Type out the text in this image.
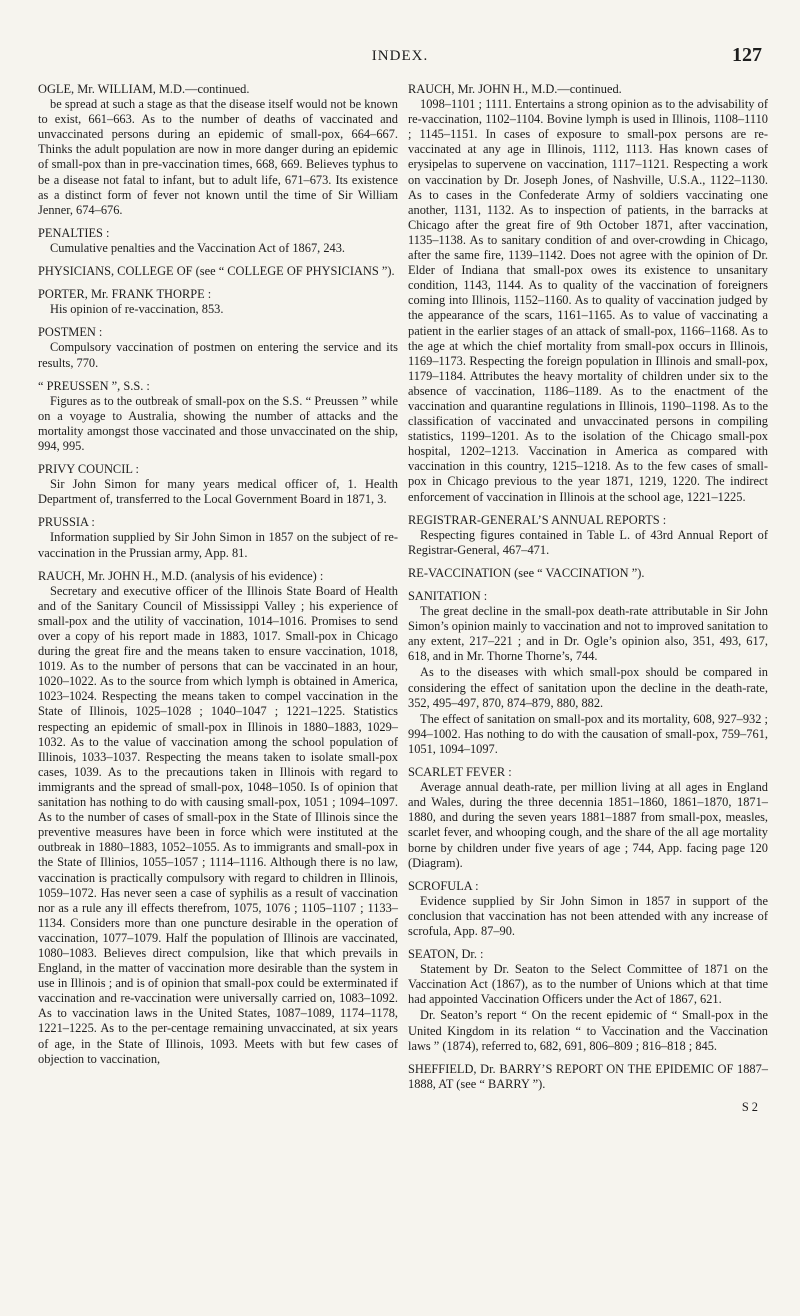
INDEX.	127

OGLE, Mr. WILLIAM, M.D.—continued.

be spread at such a stage as that the disease itself would not be known to exist, 661–663. As to the number of deaths of vaccinated and unvaccinated persons during an epidemic of small-pox, 664–667. Thinks the adult population are now in more danger during an epidemic of small-pox than in pre-vaccination times, 668, 669. Believes typhus to be a disease not fatal to infant, but to adult life, 671–673. Its existence as a distinct form of fever not known until the time of Sir William Jenner, 674–676.

PENALTIES :

Cumulative penalties and the Vaccination Act of 1867, 243.

PHYSICIANS, COLLEGE OF (see “ COLLEGE OF PHYSICIANS ”).

PORTER, Mr. FRANK THORPE :

His opinion of re-vaccination, 853.

POSTMEN :

Compulsory vaccination of postmen on entering the service and its results, 770.

“ PREUSSEN ”, S.S. :

Figures as to the outbreak of small-pox on the S.S. “ Preussen ” while on a voyage to Australia, showing the number of attacks and the mortality amongst those vaccinated and those unvaccinated on the ship, 994, 995.

PRIVY COUNCIL :

Sir John Simon for many years medical officer of, 1. Health Department of, transferred to the Local Government Board in 1871, 3.

PRUSSIA :

Information supplied by Sir John Simon in 1857 on the subject of re-vaccination in the Prussian army, App. 81.

RAUCH, Mr. JOHN H., M.D. (analysis of his evidence) :

Secretary and executive officer of the Illinois State Board of Health and of the Sanitary Council of Mississippi Valley ; his experience of small-pox and the utility of vaccination, 1014–1016. Promises to send over a copy of his report made in 1883, 1017. Small-pox in Chicago during the great fire and the means taken to ensure vaccination, 1018, 1019. As to the number of persons that can be vaccinated in an hour, 1020–1022. As to the source from which lymph is obtained in America, 1023–1024. Respecting the means taken to compel vaccination in the State of Illinois, 1025–1028 ; 1040–1047 ; 1221–1225. Statistics respecting an epidemic of small-pox in Illinois in 1880–1883, 1029–1032. As to the value of vaccination among the school population of Illinois, 1033–1037. Respecting the means taken to isolate small-pox cases, 1039. As to the precautions taken in Illinois with regard to immigrants and the spread of small-pox, 1048–1050. Is of opinion that sanitation has nothing to do with causing small-pox, 1051 ; 1094–1097. As to the number of cases of small-pox in the State of Illinois since the preventive measures have been in force which were instituted at the outbreak in 1880–1883, 1052–1055. As to immigrants and small-pox in the State of Illinios, 1055–1057 ; 1114–1116. Although there is no law, vaccination is practically compulsory with regard to children in Illinois, 1059–1072. Has never seen a case of syphilis as a result of vaccination nor as a rule any ill effects therefrom, 1075, 1076 ; 1105–1107 ; 1133–1134. Considers more than one puncture desirable in the operation of vaccination, 1077–1079. Half the population of Illinois are vaccinated, 1080–1083. Believes direct compulsion, like that which prevails in England, in the matter of vaccination more desirable than the system in use in Illinois ; and is of opinion that small-pox could be exterminated if vaccination and re-vaccination were universally carried on, 1083–1092. As to vaccination laws in the United States, 1087–1089, 1174–1178, 1221–1225. As to the per-centage remaining unvaccinated, at six years of age, in the State of Illinois, 1093. Meets with but few cases of objection to vaccination,

RAUCH, Mr. JOHN H., M.D.—continued.

1098–1101 ; 1111. Entertains a strong opinion as to the advisability of re-vaccination, 1102–1104. Bovine lymph is used in Illinois, 1108–1110 ; 1145–1151. In cases of exposure to small-pox persons are re-vaccinated at any age in Illinois, 1112, 1113. Has known cases of erysipelas to supervene on vaccination, 1117–1121. Respecting a work on vaccination by Dr. Joseph Jones, of Nashville, U.S.A., 1122–1130. As to cases in the Confederate Army of soldiers vaccinating one another, 1131, 1132. As to inspection of patients, in the barracks at Chicago after the great fire of 9th October 1871, after vaccination, 1135–1138. As to sanitary condition of and over-crowding in Chicago, after the same fire, 1139–1142. Does not agree with the opinion of Dr. Elder of Indiana that small-pox owes its existence to unsanitary condition, 1143, 1144. As to quality of the vaccination of foreigners coming into Illinois, 1152–1160. As to quality of vaccination judged by the appearance of the scars, 1161–1165. As to value of vaccinating a patient in the earlier stages of an attack of small-pox, 1166–1168. As to the age at which the chief mortality from small-pox occurs in Illinois, 1169–1173. Respecting the foreign population in Illinois and small-pox, 1179–1184. Attributes the heavy mortality of children under six to the absence of vaccination, 1186–1189. As to the enactment of the vaccination and quarantine regulations in Illinois, 1190–1198. As to the classification of vaccinated and unvaccinated persons in compiling statistics, 1199–1201. As to the isolation of the Chicago small-pox hospital, 1202–1213. Vaccination in America as compared with vaccination in this country, 1215–1218. As to the few cases of small-pox in Chicago previous to the year 1871, 1219, 1220. The indirect enforcement of vaccination in Illinois at the school age, 1221–1225.

REGISTRAR-GENERAL’S ANNUAL REPORTS :

Respecting figures contained in Table L. of 43rd Annual Report of Registrar-General, 467–471.

RE-VACCINATION (see “ VACCINATION ”).

SANITATION :

The great decline in the small-pox death-rate attributable in Sir John Simon’s opinion mainly to vaccination and not to improved sanitation to any extent, 217–221 ; and in Dr. Ogle’s opinion also, 351, 493, 617, 618, and in Mr. Thorne Thorne’s, 744.

As to the diseases with which small-pox should be compared in considering the effect of sanitation upon the decline in the death-rate, 352, 495–497, 870, 874–879, 880, 882.

The effect of sanitation on small-pox and its mortality, 608, 927–932 ; 994–1002. Has nothing to do with the causation of small-pox, 759–761, 1051, 1094–1097.

SCARLET FEVER :

Average annual death-rate, per million living at all ages in England and Wales, during the three decennia 1851–1860, 1861–1870, 1871–1880, and during the seven years 1881–1887 from small-pox, measles, scarlet fever, and whooping cough, and the share of the all age mortality borne by children under five years of age ; 744, App. facing page 120 (Diagram).

SCROFULA :

Evidence supplied by Sir John Simon in 1857 in support of the conclusion that vaccination has not been attended with any increase of scrofula, App. 87–90.

SEATON, Dr. :

Statement by Dr. Seaton to the Select Committee of 1871 on the Vaccination Act (1867), as to the number of Unions which at that time had appointed Vaccination Officers under the Act of 1867, 621.

Dr. Seaton’s report “ On the recent epidemic of “ Small-pox in the United Kingdom in its relation “ to Vaccination and the Vaccination laws ” (1874), referred to, 682, 691, 806–809 ; 816–818 ; 845.

SHEFFIELD, Dr. BARRY’S REPORT ON THE EPIDEMIC OF 1887–1888, AT (see “ BARRY ”).

S 2
